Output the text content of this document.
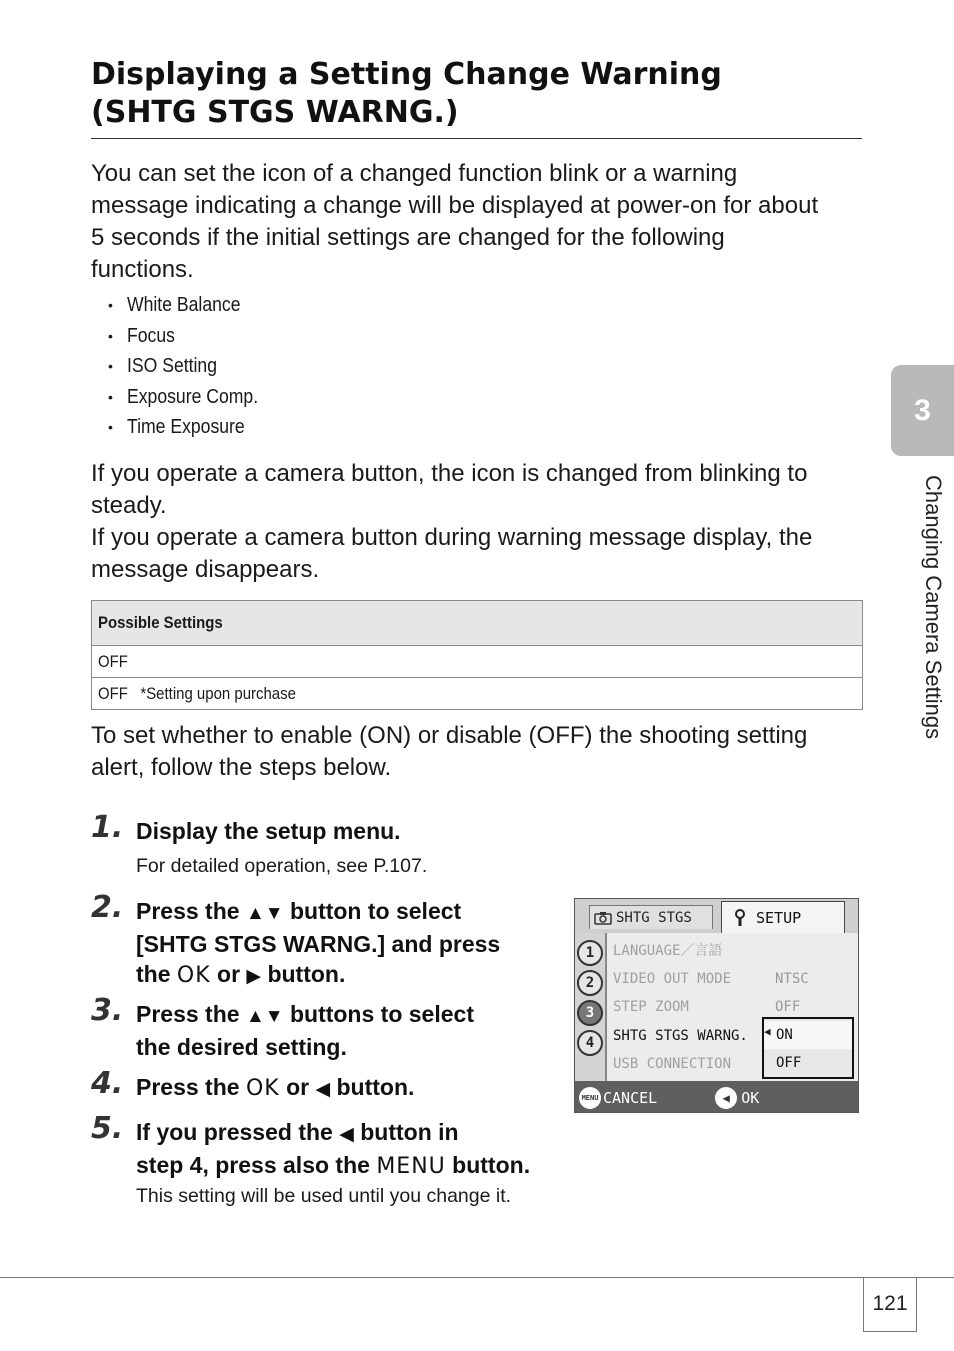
Displaying a Setting Change Warning
(SHTG STGS WARNG.)

You can set the icon of a changed function blink or a warning
message indicating a change will be displayed at power-on for about
5 seconds if the initial settings are changed for the following
functions.

• White Balance
• Focus
• ISO Setting
• Exposure Comp.
• Time Exposure

If you operate a camera button, the icon is changed from blinking to
steady.
If you operate a camera button during warning message display, the
message disappears.

Possible Settings
OFF
OFF   *Setting upon purchase

To set whether to enable (ON) or disable (OFF) the shooting setting
alert, follow the steps below.

1. Display the setup menu.
For detailed operation, see P.107.
2. Press the ▲▼ button to select
[SHTG STGS WARNG.] and press
the OK or ▶ button.
3. Press the ▲▼ buttons to select
the desired setting.
4. Press the OK or ◀ button.
5. If you pressed the ◀ button in
step 4, press also the MENU button.
This setting will be used until you change it.
SHTG STGS	SETUP
1
2
3
4
LANGUAGE／言語
VIDEO OUT MODE	NTSC
STEP ZOOM	OFF
SHTG STGS WARNG.
USB CONNECTION
ON
OFF
◀
MENU CANCEL	◀ OK
3
Changing Camera Settings
121
